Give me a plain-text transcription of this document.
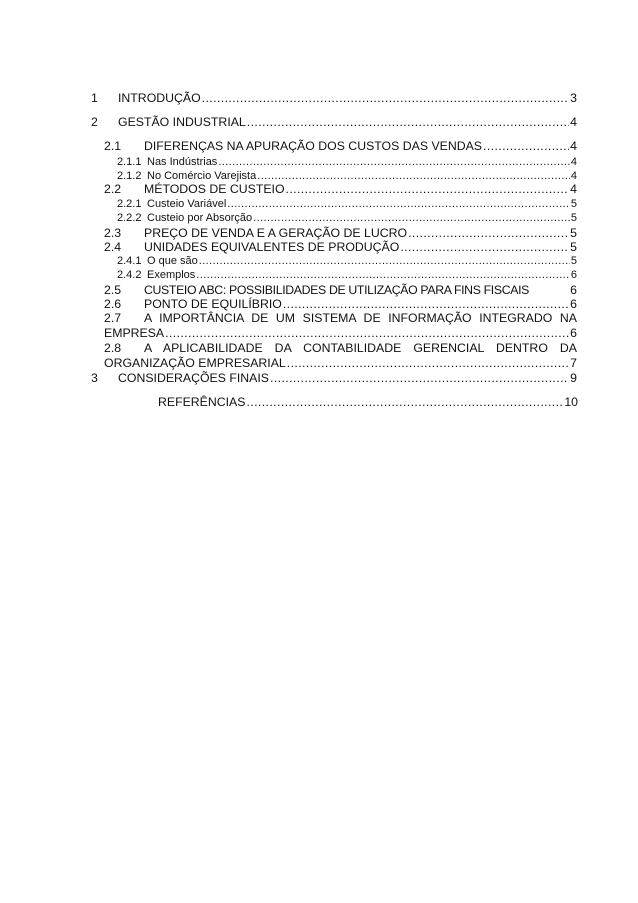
1	INTRODUÇÃO .....	3
2	GESTÃO INDUSTRIAL .....	4
2.1	DIFERENÇAS NA APURAÇÃO DOS CUSTOS DAS VENDAS .....	4
2.1.1 Nas Indústrias .....	4
2.1.2 No Comércio Varejista .....	4
2.2	MÉTODOS DE CUSTEIO .....	4
2.2.1 Custeio Variável .....	5
2.2.2 Custeio por Absorção .....	5
2.3	PREÇO DE VENDA E A GERAÇÃO DE LUCRO .....	5
2.4	UNIDADES EQUIVALENTES DE PRODUÇÃO .....	5
2.4.1 O que são .....	5
2.4.2 Exemplos .....	6
2.5	CUSTEIO ABC: POSSIBILIDADES DE UTILIZAÇÃO PARA FINS FISCAIS	6
2.6	PONTO DE EQUILÍBRIO .....	6
2.7	A IMPORTÂNCIA DE UM SISTEMA DE INFORMAÇÃO INTEGRADO NA
EMPRESA .....	6
2.8	A APLICABILIDADE DA CONTABILIDADE GERENCIAL DENTRO DA
ORGANIZAÇÃO EMPRESARIAL .....	7
3	CONSIDERAÇÕES FINAIS .....	9
REFERÊNCIAS .....	10
